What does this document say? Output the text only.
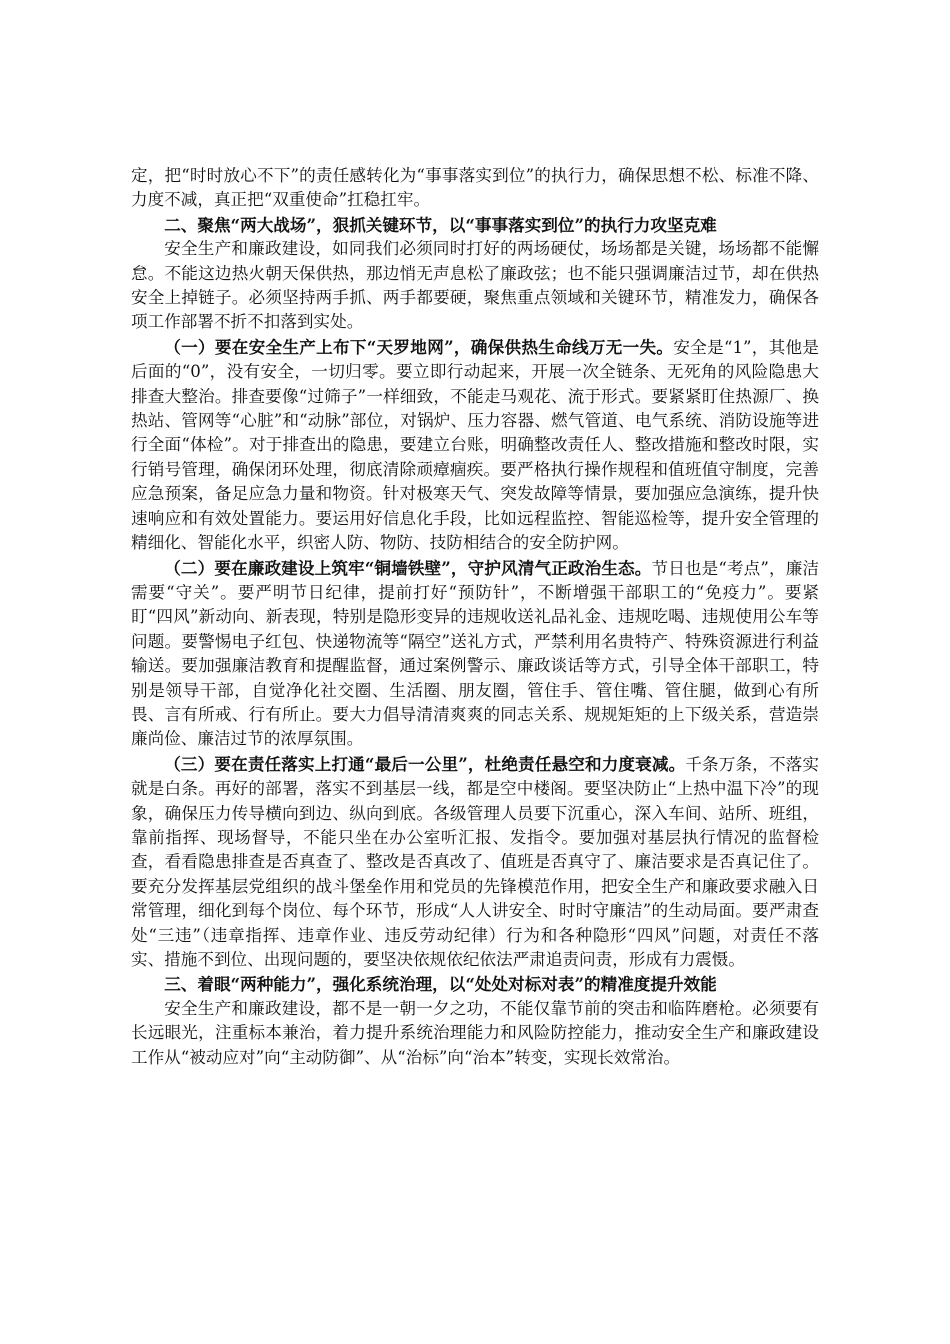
定，把“时时放心不下”的责任感转化为“事事落实到位”的执行力，确保思想不松、标准不降、力度不减，真正把“双重使命”扛稳扛牢。

二、聚焦“两大战场”，狠抓关键环节，以“事事落实到位”的执行力攻坚克难

安全生产和廉政建设，如同我们必须同时打好的两场硬仗，场场都是关键，场场都不能懈怠。不能这边热火朝天保供热，那边悄无声息松了廉政弦；也不能只强调廉洁过节，却在供热安全上掉链子。必须坚持两手抓、两手都要硬，聚焦重点领域和关键环节，精准发力，确保各项工作部署不折不扣落到实处。

（一）要在安全生产上布下“天罗地网”，确保供热生命线万无一失。安全是“1”，其他是后面的“0”，没有安全，一切归零。要立即行动起来，开展一次全链条、无死角的风险隐患大排查大整治。排查要像“过筛子”一样细致，不能走马观花、流于形式。要紧紧盯住热源厂、换热站、管网等“心脏”和“动脉”部位，对锅炉、压力容器、燃气管道、电气系统、消防设施等进行全面“体检”。对于排查出的隐患，要建立台账，明确整改责任人、整改措施和整改时限，实行销号管理，确保闭环处理，彻底清除顽瘴痼疾。要严格执行操作规程和值班值守制度，完善应急预案，备足应急力量和物资。针对极寒天气、突发故障等情景，要加强应急演练，提升快速响应和有效处置能力。要运用好信息化手段，比如远程监控、智能巡检等，提升安全管理的精细化、智能化水平，织密人防、物防、技防相结合的安全防护网。

（二）要在廉政建设上筑牢“铜墙铁壁”，守护风清气正政治生态。节日也是“考点”，廉洁需要“守关”。要严明节日纪律，提前打好“预防针”，不断增强干部职工的“免疫力”。要紧盯“四风”新动向、新表现，特别是隐形变异的违规收送礼品礼金、违规吃喝、违规使用公车等问题。要警惕电子红包、快递物流等“隔空”送礼方式，严禁利用名贵特产、特殊资源进行利益输送。要加强廉洁教育和提醒监督，通过案例警示、廉政谈话等方式，引导全体干部职工，特别是领导干部，自觉净化社交圈、生活圈、朋友圈，管住手、管住嘴、管住腿，做到心有所畏、言有所戒、行有所止。要大力倡导清清爽爽的同志关系、规规矩矩的上下级关系，营造崇廉尚俭、廉洁过节的浓厚氛围。

（三）要在责任落实上打通“最后一公里”，杜绝责任悬空和力度衰减。千条万条，不落实就是白条。再好的部署，落实不到基层一线，都是空中楼阁。要坚决防止“上热中温下冷”的现象，确保压力传导横向到边、纵向到底。各级管理人员要下沉重心，深入车间、站所、班组，靠前指挥、现场督导，不能只坐在办公室听汇报、发指令。要加强对基层执行情况的监督检查，看看隐患排查是否真查了、整改是否真改了、值班是否真守了、廉洁要求是否真记住了。要充分发挥基层党组织的战斗堡垒作用和党员的先锋模范作用，把安全生产和廉政要求融入日常管理，细化到每个岗位、每个环节，形成“人人讲安全、时时守廉洁”的生动局面。要严肃查处“三违”（违章指挥、违章作业、违反劳动纪律）行为和各种隐形“四风”问题，对责任不落实、措施不到位、出现问题的，要坚决依规依纪依法严肃追责问责，形成有力震慑。

三、着眼“两种能力”，强化系统治理，以“处处对标对表”的精准度提升效能

安全生产和廉政建设，都不是一朝一夕之功，不能仅靠节前的突击和临阵磨枪。必须要有长远眼光，注重标本兼治，着力提升系统治理能力和风险防控能力，推动安全生产和廉政建设工作从“被动应对”向“主动防御”、从“治标”向“治本”转变，实现长效常治。
